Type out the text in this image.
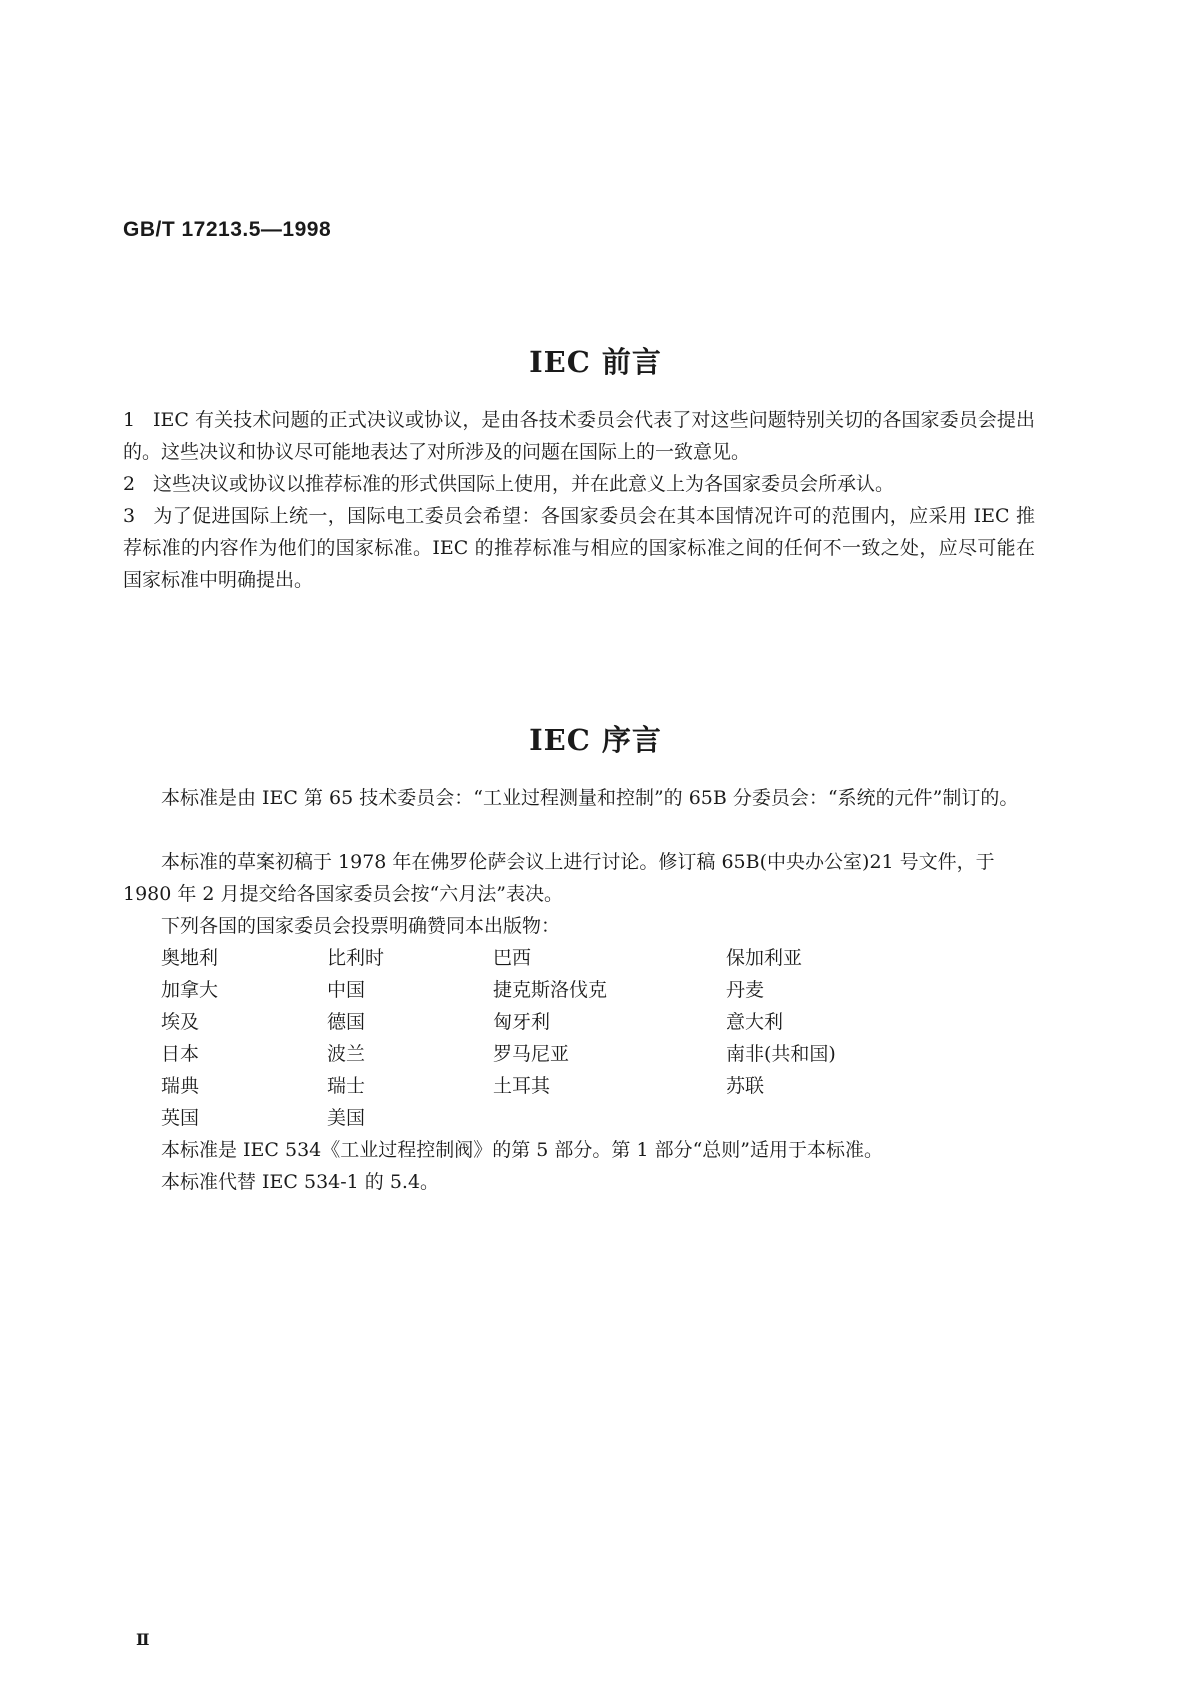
GB/T 17213.5—1998
IEC 前言
1 IEC 有关技术问题的正式决议或协议，是由各技术委员会代表了对这些问题特别关切的各国家委员会提出的。这些决议和协议尽可能地表达了对所涉及的问题在国际上的一致意见。
2 这些决议或协议以推荐标准的形式供国际上使用，并在此意义上为各国家委员会所承认。
3 为了促进国际上统一，国际电工委员会希望：各国家委员会在其本国情况许可的范围内，应采用 IEC 推荐标准的内容作为他们的国家标准。IEC 的推荐标准与相应的国家标准之间的任何不一致之处，应尽可能在国家标准中明确提出。
IEC 序言
本标准是由 IEC 第 65 技术委员会：“工业过程测量和控制”的 65B 分委员会：“系统的元件”制订的。
本标准的草案初稿于 1978 年在佛罗伦萨会议上进行讨论。修订稿 65B(中央办公室)21 号文件，于 1980 年 2 月提交给各国家委员会按“六月法”表决。
下列各国的国家委员会投票明确赞同本出版物：
奥地利	比利时	巴西	保加利亚
加拿大	中国	捷克斯洛伐克	丹麦
埃及	德国	匈牙利	意大利
日本	波兰	罗马尼亚	南非(共和国)
瑞典	瑞士	土耳其	苏联
英国	美国
本标准是 IEC 534《工业过程控制阀》的第 5 部分。第 1 部分“总则”适用于本标准。
本标准代替 IEC 534-1 的 5.4。
Ⅱ
